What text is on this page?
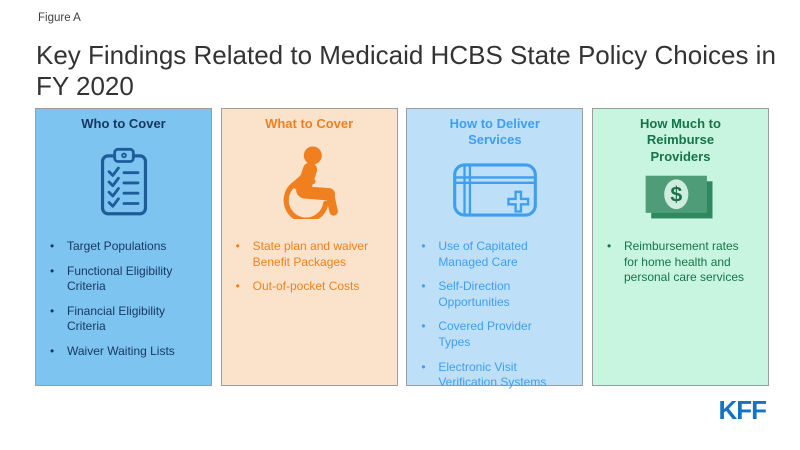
Figure A
Key Findings Related to Medicaid HCBS State Policy Choices in FY 2020
Who to Cover
• Target Populations
• Functional Eligibility Criteria
• Financial Eligibility Criteria
• Waiver Waiting Lists
What to Cover
• State plan and waiver Benefit Packages
• Out-of-pocket Costs
How to Deliver Services
• Use of Capitated Managed Care
• Self-Direction Opportunities
• Covered Provider Types
• Electronic Visit Verification Systems
How Much to Reimburse Providers
$
• Reimbursement rates for home health and personal care services
KFF
